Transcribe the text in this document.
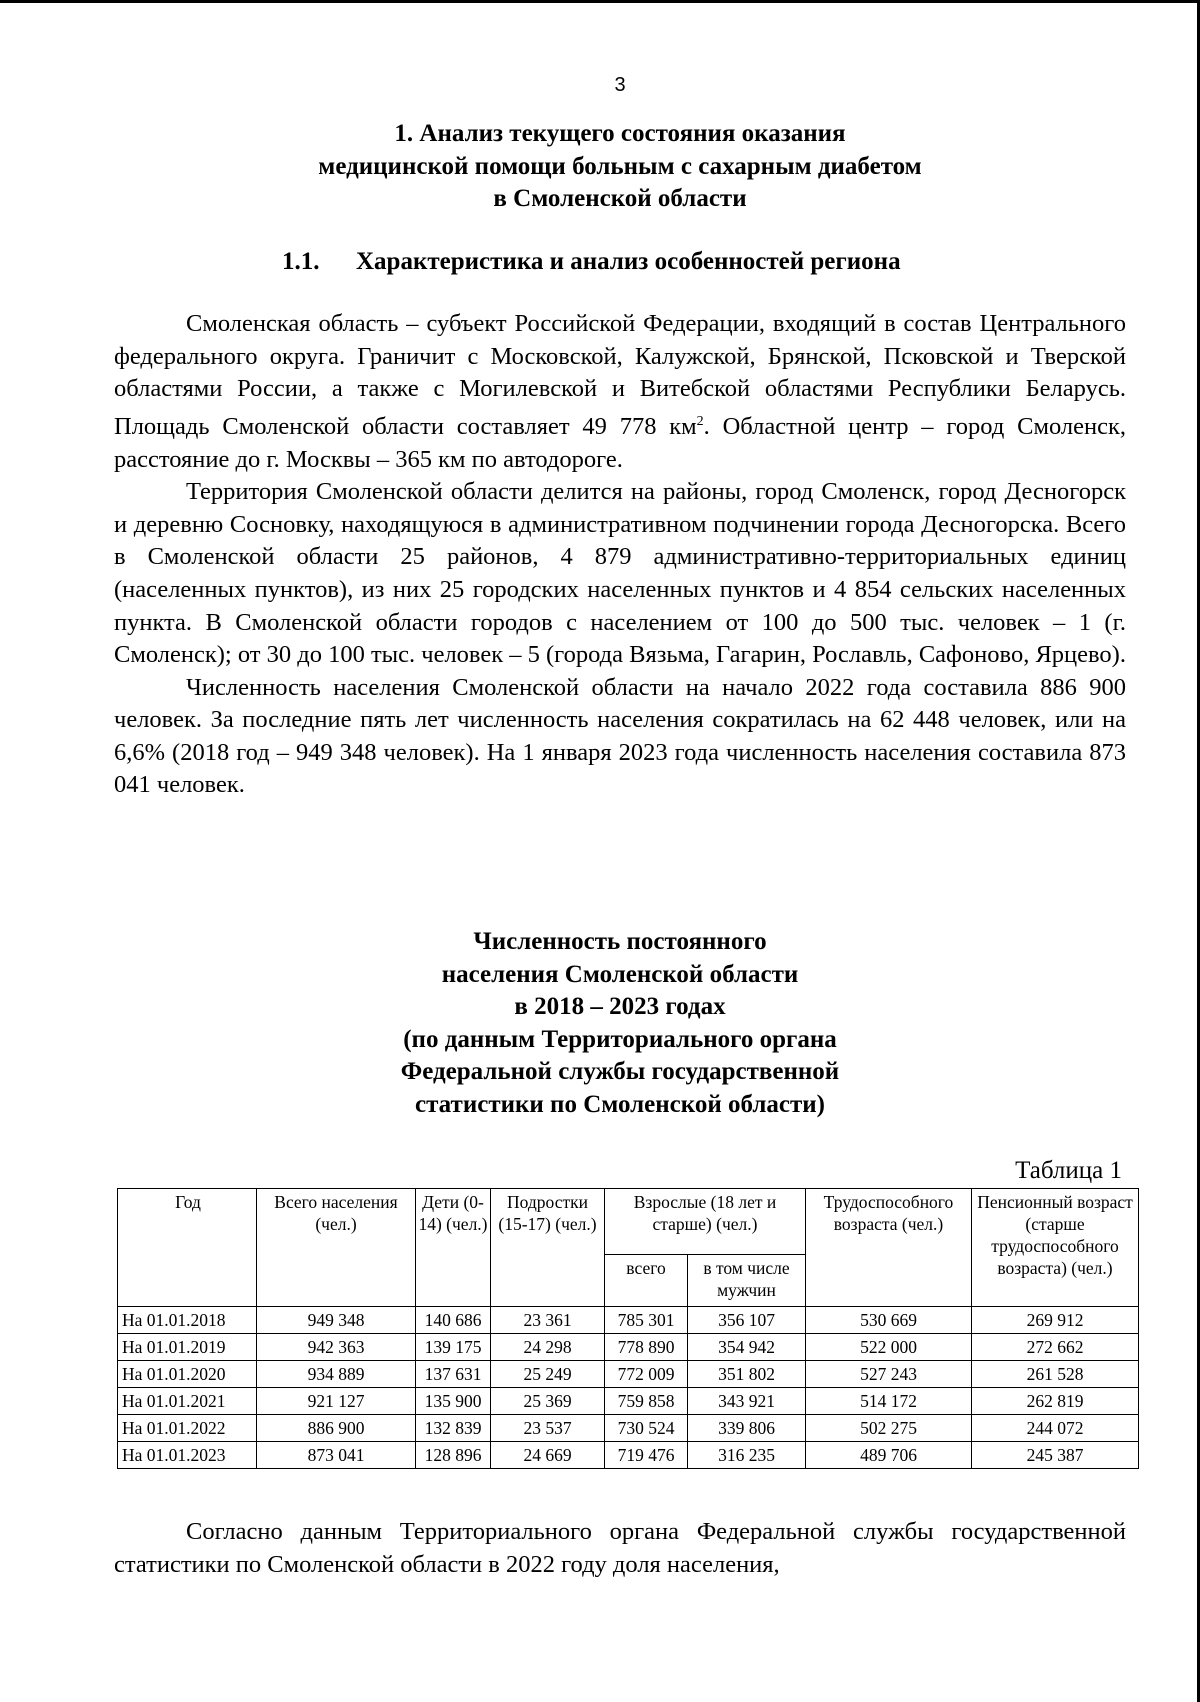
3
1. Анализ текущего состояния оказания
медицинской помощи больным с сахарным диабетом
в Смоленской области
1.1. Характеристика и анализ особенностей региона

Смоленская область – субъект Российской Федерации, входящий в состав Центрального федерального округа. Граничит с Московской, Калужской, Брянской, Псковской и Тверской областями России, а также с Могилевской и Витебской областями Республики Беларусь. Площадь Смоленской области составляет 49 778 $км^2$. Областной центр – город Смоленск, расстояние до г. Москвы – 365 км по автодороге.

Территория Смоленской области делится на районы, город Смоленск, город Десногорск и деревню Сосновку, находящуюся в административном подчинении города Десногорска. Всего в Смоленской области 25 районов, 4 879 административно-территориальных единиц (населенных пунктов), из них 25 городских населенных пунктов и 4 854 сельских населенных пункта. В Смоленской области городов с населением от 100 до 500 тыс. человек – 1 (г. Смоленск); от 30 до 100 тыс. человек – 5 (города Вязьма, Гагарин, Рославль, Сафоново, Ярцево).

Численность населения Смоленской области на начало 2022 года составила 886 900 человек. За последние пять лет численность населения сократилась на 62 448 человек, или на 6,6% (2018 год – 949 348 человек). На 1 января 2023 года численность населения составила 873 041 человек.

Численность постоянного
населения Смоленской области
в 2018 – 2023 годах
(по данным Территориального органа
Федеральной службы государственной
статистики по Смоленской области)
Таблица 1
Год	Всего населения (чел.)	Дети (0-14) (чел.)	Подростки (15-17) (чел.)	Взрослые (18 лет и старше) (чел.)		Трудоспособного возраста (чел.)	Пенсионный возраст (старше трудоспособного возраста) (чел.)
				всего	в том числе мужчин		
На 01.01.2018	949 348	140 686	23 361	785 301	356 107	530 669	269 912
На 01.01.2019	942 363	139 175	24 298	778 890	354 942	522 000	272 662
На 01.01.2020	934 889	137 631	25 249	772 009	351 802	527 243	261 528
На 01.01.2021	921 127	135 900	25 369	759 858	343 921	514 172	262 819
На 01.01.2022	886 900	132 839	23 537	730 524	339 806	502 275	244 072
На 01.01.2023	873 041	128 896	24 669	719 476	316 235	489 706	245 387

Согласно данным Территориального органа Федеральной службы государственной статистики по Смоленской области в 2022 году доля населения,
